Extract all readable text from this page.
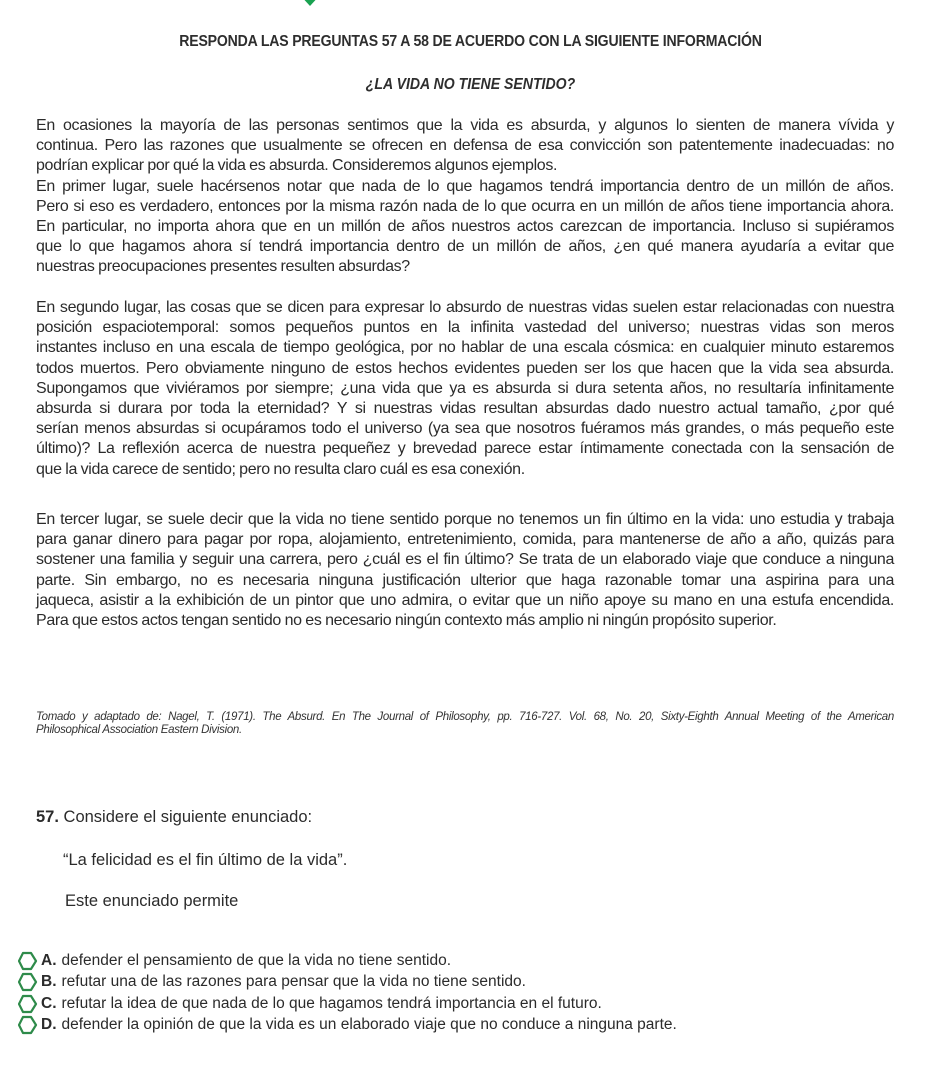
RESPONDA LAS PREGUNTAS 57 A 58 DE ACUERDO CON LA SIGUIENTE INFORMACIÓN
¿LA VIDA NO TIENE SENTIDO?
En ocasiones la mayoría de las personas sentimos que la vida es absurda, y algunos lo sienten de manera vívida y
continua. Pero las razones que usualmente se ofrecen en defensa de esa convicción son patentemente inadecuadas: no
podrían explicar por qué la vida es absurda. Consideremos algunos ejemplos.
En primer lugar, suele hacérsenos notar que nada de lo que hagamos tendrá importancia dentro de un millón de años.
Pero si eso es verdadero, entonces por la misma razón nada de lo que ocurra en un millón de años tiene importancia ahora.
En particular, no importa ahora que en un millón de años nuestros actos carezcan de importancia. Incluso si supiéramos
que lo que hagamos ahora sí tendrá importancia dentro de un millón de años, ¿en qué manera ayudaría a evitar que
nuestras preocupaciones presentes resulten absurdas?
En segundo lugar, las cosas que se dicen para expresar lo absurdo de nuestras vidas suelen estar relacionadas con nuestra
posición espaciotemporal: somos pequeños puntos en la infinita vastedad del universo; nuestras vidas son meros
instantes incluso en una escala de tiempo geológica, por no hablar de una escala cósmica: en cualquier minuto estaremos
todos muertos. Pero obviamente ninguno de estos hechos evidentes pueden ser los que hacen que la vida sea absurda.
Supongamos que viviéramos por siempre; ¿una vida que ya es absurda si dura setenta años, no resultaría infinitamente
absurda si durara por toda la eternidad? Y si nuestras vidas resultan absurdas dado nuestro actual tamaño, ¿por qué
serían menos absurdas si ocupáramos todo el universo (ya sea que nosotros fuéramos más grandes, o más pequeño este
último)? La reflexión acerca de nuestra pequeñez y brevedad parece estar íntimamente conectada con la sensación de
que la vida carece de sentido; pero no resulta claro cuál es esa conexión.
En tercer lugar, se suele decir que la vida no tiene sentido porque no tenemos un fin último en la vida: uno estudia y trabaja
para ganar dinero para pagar por ropa, alojamiento, entretenimiento, comida, para mantenerse de año a año, quizás para
sostener una familia y seguir una carrera, pero ¿cuál es el fin último? Se trata de un elaborado viaje que conduce a ninguna
parte. Sin embargo, no es necesaria ninguna justificación ulterior que haga razonable tomar una aspirina para una
jaqueca, asistir a la exhibición de un pintor que uno admira, o evitar que un niño apoye su mano en una estufa encendida.
Para que estos actos tengan sentido no es necesario ningún contexto más amplio ni ningún propósito superior.
Tomado y adaptado de: Nagel, T. (1971). The Absurd. En The Journal of Philosophy, pp. 716-727. Vol. 68, No. 20, Sixty-Eighth Annual Meeting of the American
Philosophical Association Eastern Division.
57. Considere el siguiente enunciado:
“La felicidad es el fin último de la vida”.
Este enunciado permite
A. defender el pensamiento de que la vida no tiene sentido.
B. refutar una de las razones para pensar que la vida no tiene sentido.
C. refutar la idea de que nada de lo que hagamos tendrá importancia en el futuro.
D. defender la opinión de que la vida es un elaborado viaje que no conduce a ninguna parte.
